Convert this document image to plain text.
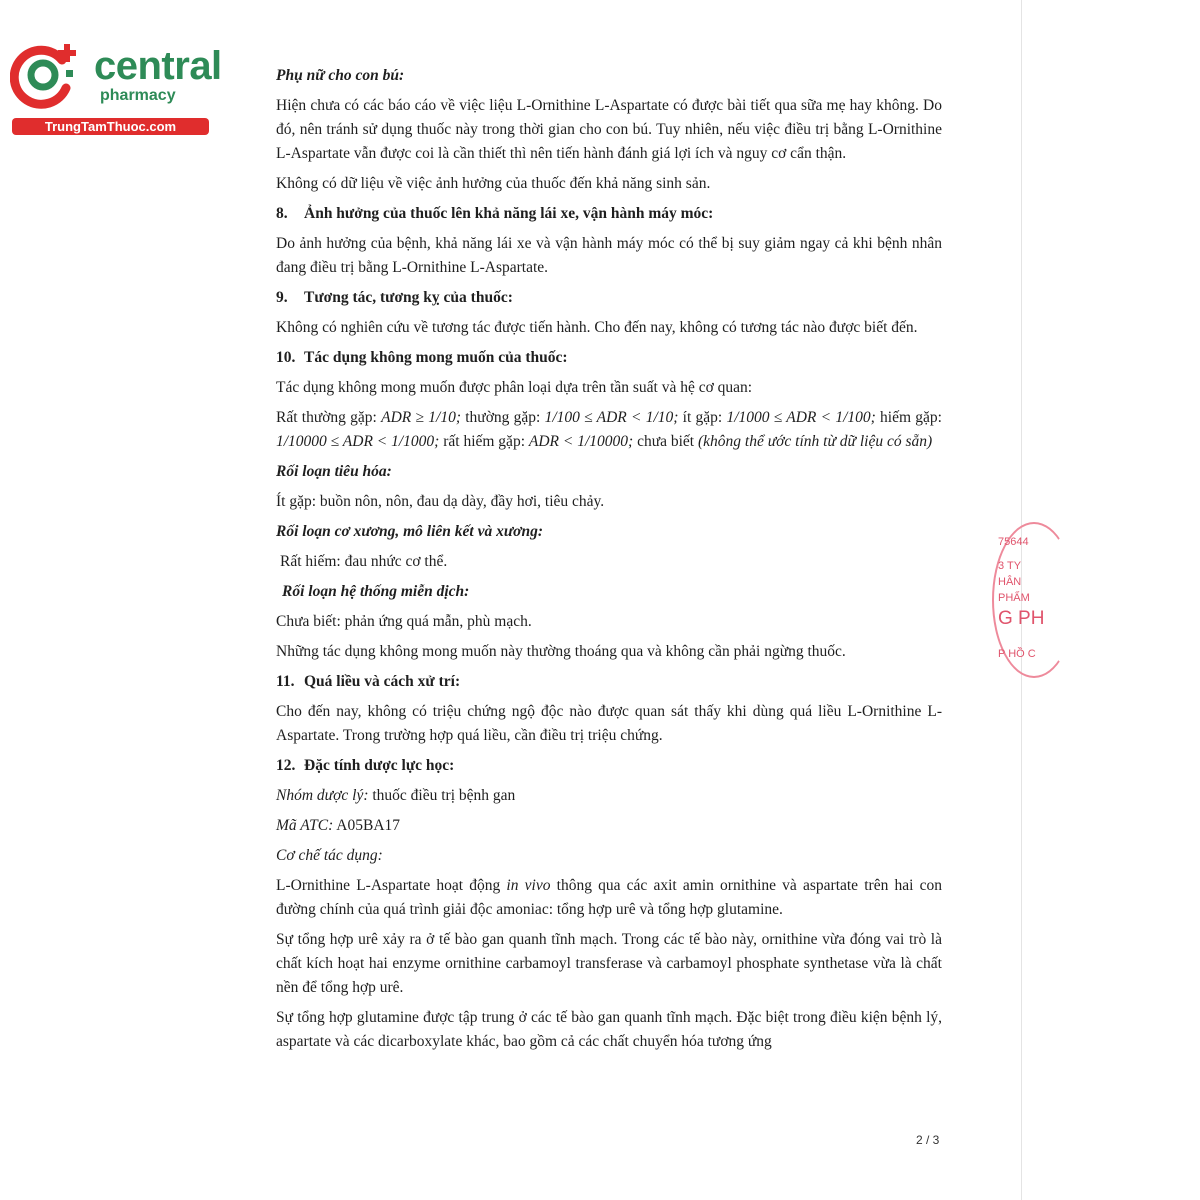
central
pharmacy
TrungTamThuoc.com

Phụ nữ cho con bú:

Hiện chưa có các báo cáo về việc liệu L-Ornithine L-Aspartate có được bài tiết qua sữa mẹ hay không. Do đó, nên tránh sử dụng thuốc này trong thời gian cho con bú. Tuy nhiên, nếu việc điều trị bằng L-Ornithine L-Aspartate vẫn được coi là cần thiết thì nên tiến hành đánh giá lợi ích và nguy cơ cẩn thận.

Không có dữ liệu về việc ảnh hưởng của thuốc đến khả năng sinh sản.

8. Ảnh hưởng của thuốc lên khả năng lái xe, vận hành máy móc:

Do ảnh hưởng của bệnh, khả năng lái xe và vận hành máy móc có thể bị suy giảm ngay cả khi bệnh nhân đang điều trị bằng L-Ornithine L-Aspartate.

9. Tương tác, tương kỵ của thuốc:

Không có nghiên cứu về tương tác được tiến hành. Cho đến nay, không có tương tác nào được biết đến.

10. Tác dụng không mong muốn của thuốc:

Tác dụng không mong muốn được phân loại dựa trên tần suất và hệ cơ quan:

Rất thường gặp: ADR ≥ 1/10; thường gặp: 1/100 ≤ ADR < 1/10; ít gặp: 1/1000 ≤ ADR < 1/100; hiếm gặp: 1/10000 ≤ ADR < 1/1000; rất hiếm gặp: ADR < 1/10000; chưa biết (không thể ước tính từ dữ liệu có sẵn)

Rối loạn tiêu hóa:

Ít gặp: buồn nôn, nôn, đau dạ dày, đầy hơi, tiêu chảy.

Rối loạn cơ xương, mô liên kết và xương:

Rất hiếm: đau nhức cơ thể.

Rối loạn hệ thống miễn dịch:

Chưa biết: phản ứng quá mẫn, phù mạch.

Những tác dụng không mong muốn này thường thoáng qua và không cần phải ngừng thuốc.

11. Quá liều và cách xử trí:

Cho đến nay, không có triệu chứng ngộ độc nào được quan sát thấy khi dùng quá liều L-Ornithine L-Aspartate. Trong trường hợp quá liều, cần điều trị triệu chứng.

12. Đặc tính dược lực học:

Nhóm dược lý: thuốc điều trị bệnh gan

Mã ATC: A05BA17

Cơ chế tác dụng:

L-Ornithine L-Aspartate hoạt động in vivo thông qua các axit amin ornithine và aspartate trên hai con đường chính của quá trình giải độc amoniac: tổng hợp urê và tổng hợp glutamine.

Sự tổng hợp urê xảy ra ở tế bào gan quanh tĩnh mạch. Trong các tế bào này, ornithine vừa đóng vai trò là chất kích hoạt hai enzyme ornithine carbamoyl transferase và carbamoyl phosphate synthetase vừa là chất nền để tổng hợp urê.

Sự tổng hợp glutamine được tập trung ở các tế bào gan quanh tĩnh mạch. Đặc biệt trong điều kiện bệnh lý, aspartate và các dicarboxylate khác, bao gồm cả các chất chuyển hóa tương ứng

75644
3 TY
HÂN
PHẨM
G PH
P HỒ C
2 / 3
